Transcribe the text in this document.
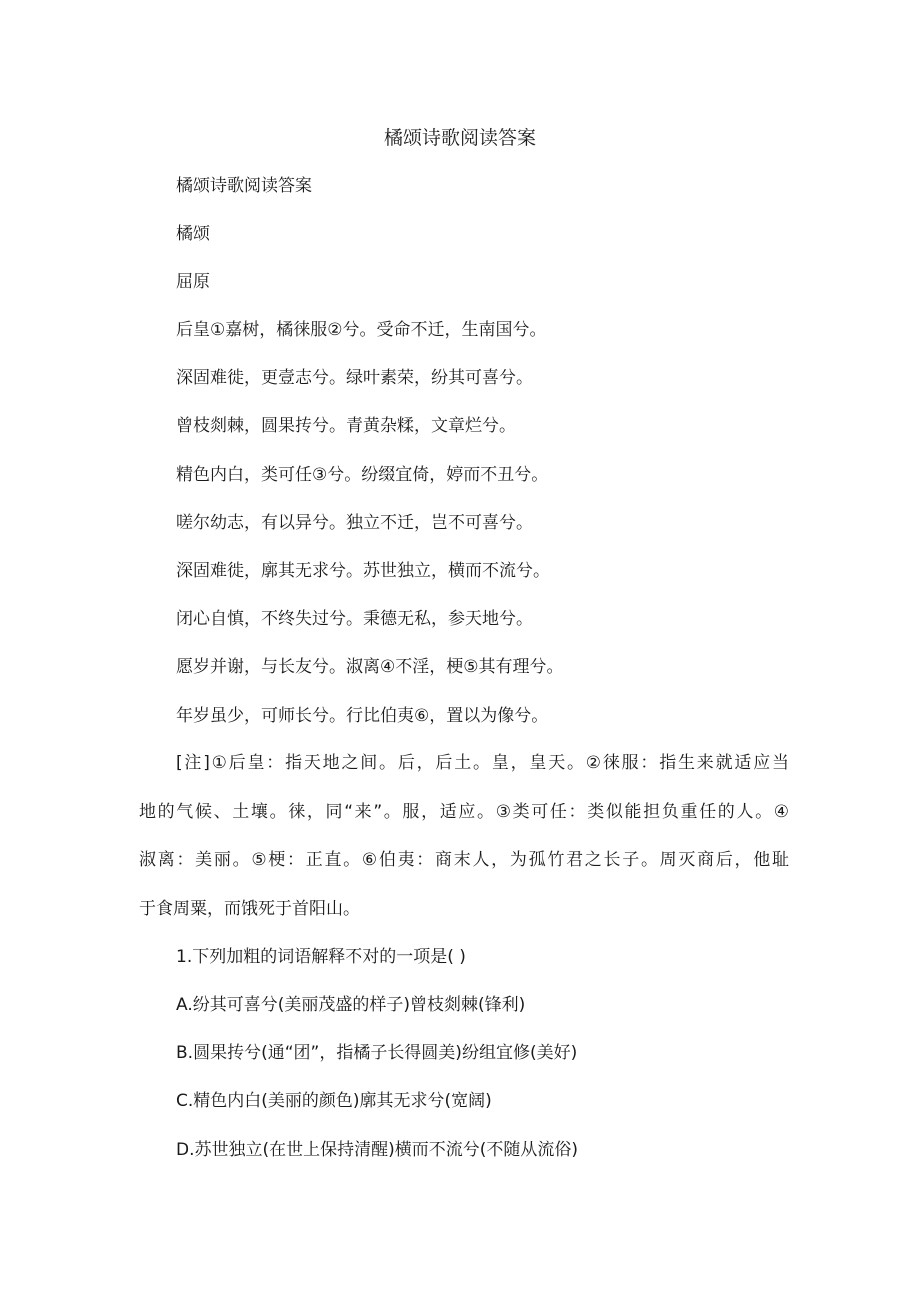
橘颂诗歌阅读答案
橘颂诗歌阅读答案
橘颂
屈原
后皇①嘉树，橘徕服②兮。受命不迁，生南国兮。
深固难徙，更壹志兮。绿叶素荣，纷其可喜兮。
曾枝剡棘，圆果抟兮。青黄杂糅，文章烂兮。
精色内白，类可任③兮。纷缀宜倚，婷而不丑兮。
嗟尔幼志，有以异兮。独立不迁，岂不可喜兮。
深固难徙，廓其无求兮。苏世独立，横而不流兮。
闭心自慎，不终失过兮。秉德无私，参天地兮。
愿岁并谢，与长友兮。淑离④不淫，梗⑤其有理兮。
年岁虽少，可师长兮。行比伯夷⑥，置以为像兮。
[注]①后皇：指天地之间。后，后土。皇，皇天。②徕服：指生来就适应当
地的气候、土壤。徕，同“来”。服，适应。③类可任：类似能担负重任的人。④
淑离：美丽。⑤梗：正直。⑥伯夷：商末人，为孤竹君之长子。周灭商后，他耻
于食周粟，而饿死于首阳山。
1.下列加粗的词语解释不对的一项是( )
A.纷其可喜兮(美丽茂盛的样子)曾枝剡棘(锋利)
B.圆果抟兮(通“团”，指橘子长得圆美)纷组宜修(美好)
C.精色内白(美丽的颜色)廓其无求兮(宽阔)
D.苏世独立(在世上保持清醒)横而不流兮(不随从流俗)
